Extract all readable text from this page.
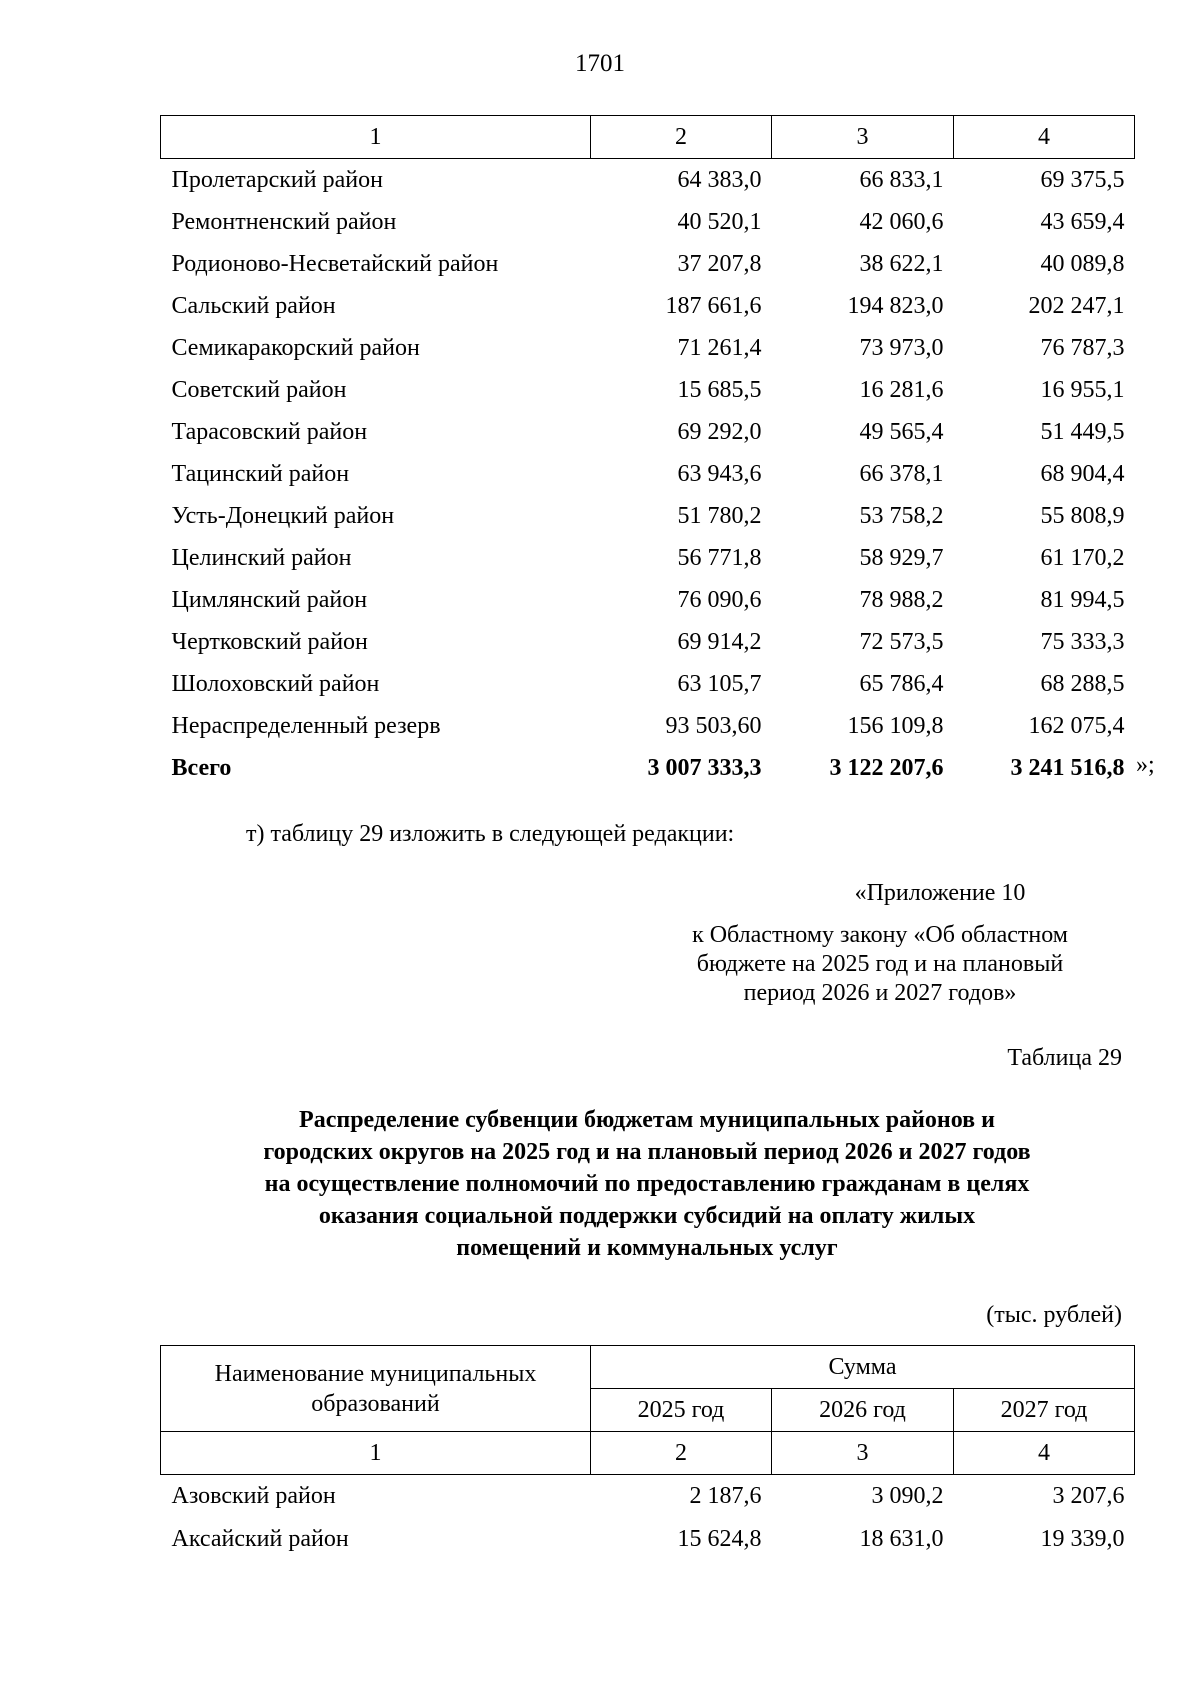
1701
1	2	3	4
Пролетарский район	64 383,0	66 833,1	69 375,5
Ремонтненский район	40 520,1	42 060,6	43 659,4
Родионово-Несветайский район	37 207,8	38 622,1	40 089,8
Сальский район	187 661,6	194 823,0	202 247,1
Семикаракорский район	71 261,4	73 973,0	76 787,3
Советский район	15 685,5	16 281,6	16 955,1
Тарасовский район	69 292,0	49 565,4	51 449,5
Тацинский район	63 943,6	66 378,1	68 904,4
Усть-Донецкий район	51 780,2	53 758,2	55 808,9
Целинский район	56 771,8	58 929,7	61 170,2
Цимлянский район	76 090,6	78 988,2	81 994,5
Чертковский район	69 914,2	72 573,5	75 333,3
Шолоховский район	63 105,7	65 786,4	68 288,5
Нераспределенный резерв	93 503,60	156 109,8	162 075,4
Всего	3 007 333,3	3 122 207,6	3 241 516,8 »;
т) таблицу 29 изложить в следующей редакции:
«Приложение 10
к Областному закону «Об областном
бюджете на 2025 год и на плановый
период 2026 и 2027 годов»
Таблица 29
Распределение субвенции бюджетам муниципальных районов и
городских округов на 2025 год и на плановый период 2026 и 2027 годов
на осуществление полномочий по предоставлению гражданам в целях
оказания социальной поддержки субсидий на оплату жилых
помещений и коммунальных услуг
(тыс. рублей)
Наименование муниципальных
образований	Сумма		
	2025 год	2026 год	2027 год
1	2	3	4
Азовский район	2 187,6	3 090,2	3 207,6
Аксайский район	15 624,8	18 631,0	19 339,0
